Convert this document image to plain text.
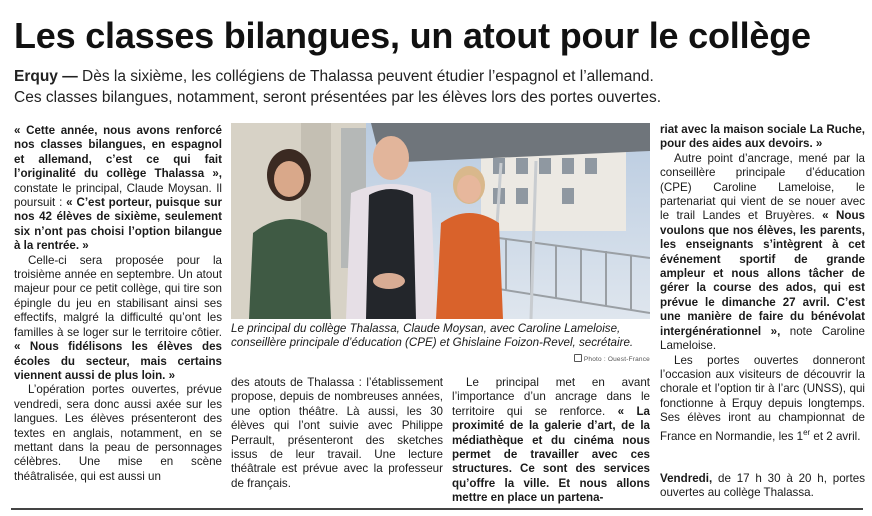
Les classes bilangues, un atout pour le collège
Erquy — Dès la sixième, les collégiens de Thalassa peuvent étudier l’espagnol et l’allemand.
Ces classes bilangues, notamment, seront présentées par les élèves lors des portes ouvertes.

« Cette année, nous avons renforcé nos classes bilangues, en espagnol et allemand, c’est ce qui fait l’originalité du collège Thalassa », constate le principal, Claude Moysan. Il poursuit : « C’est porteur, puisque sur nos 42 élèves de sixième, seulement six n’ont pas choisi l’option bilangue à la rentrée. »

Celle-ci sera proposée pour la troisième année en septembre. Un atout majeur pour ce petit collège, qui tire son épingle du jeu en stabilisant ainsi ses effectifs, malgré la difficulté qu’ont les familles à se loger sur le territoire côtier. « Nous fidélisons les élèves des écoles du secteur, mais certains viennent aussi de plus loin. »

L’opération portes ouvertes, prévue vendredi, sera donc aussi axée sur les langues. Les élèves présenteront des textes en anglais, notamment, en se mettant dans la peau de personnages célèbres. Une mise en scène théâtralisée, qui est aussi un

Le principal du collège Thalassa, Claude Moysan, avec Caroline Lameloise, conseillère principale d’éducation (CPE) et Ghislaine Foizon-Revel, secrétaire.
Photo : Ouest-France

des atouts de Thalassa : l’établissement propose, depuis de nombreuses années, une option théâtre. Là aussi, les 30 élèves qui l’ont suivie avec Philippe Perrault, présenteront des sketches issus de leur travail. Une lecture théâtrale est prévue avec la professeur de français.

Le principal met en avant l’importance d’un ancrage dans le territoire qui se renforce. « La proximité de la galerie d’art, de la médiathèque et du cinéma nous permet de travailler avec ces structures. Ce sont des services qu’offre la ville. Et nous allons mettre en place un partena-

riat avec la maison sociale La Ruche, pour des aides aux devoirs. »

Autre point d’ancrage, mené par la conseillère principale d’éducation (CPE) Caroline Lameloise, le partenariat qui vient de se nouer avec le trail Landes et Bruyères. « Nous voulons que nos élèves, les parents, les enseignants s’intègrent à cet événement sportif de grande ampleur et nous allons tâcher de gérer la course des ados, qui est prévue le dimanche 27 avril. C’est une manière de faire du bénévolat intergénérationnel », note Caroline Lameloise.

Les portes ouvertes donneront l’occasion aux visiteurs de découvrir la chorale et l’option tir à l’arc (UNSS), qui fonctionne à Erquy depuis longtemps. Ses élèves iront au championnat de France en Normandie, les 1er et 2 avril.

Vendredi, de 17 h 30 à 20 h, portes ouvertes au collège Thalassa.
